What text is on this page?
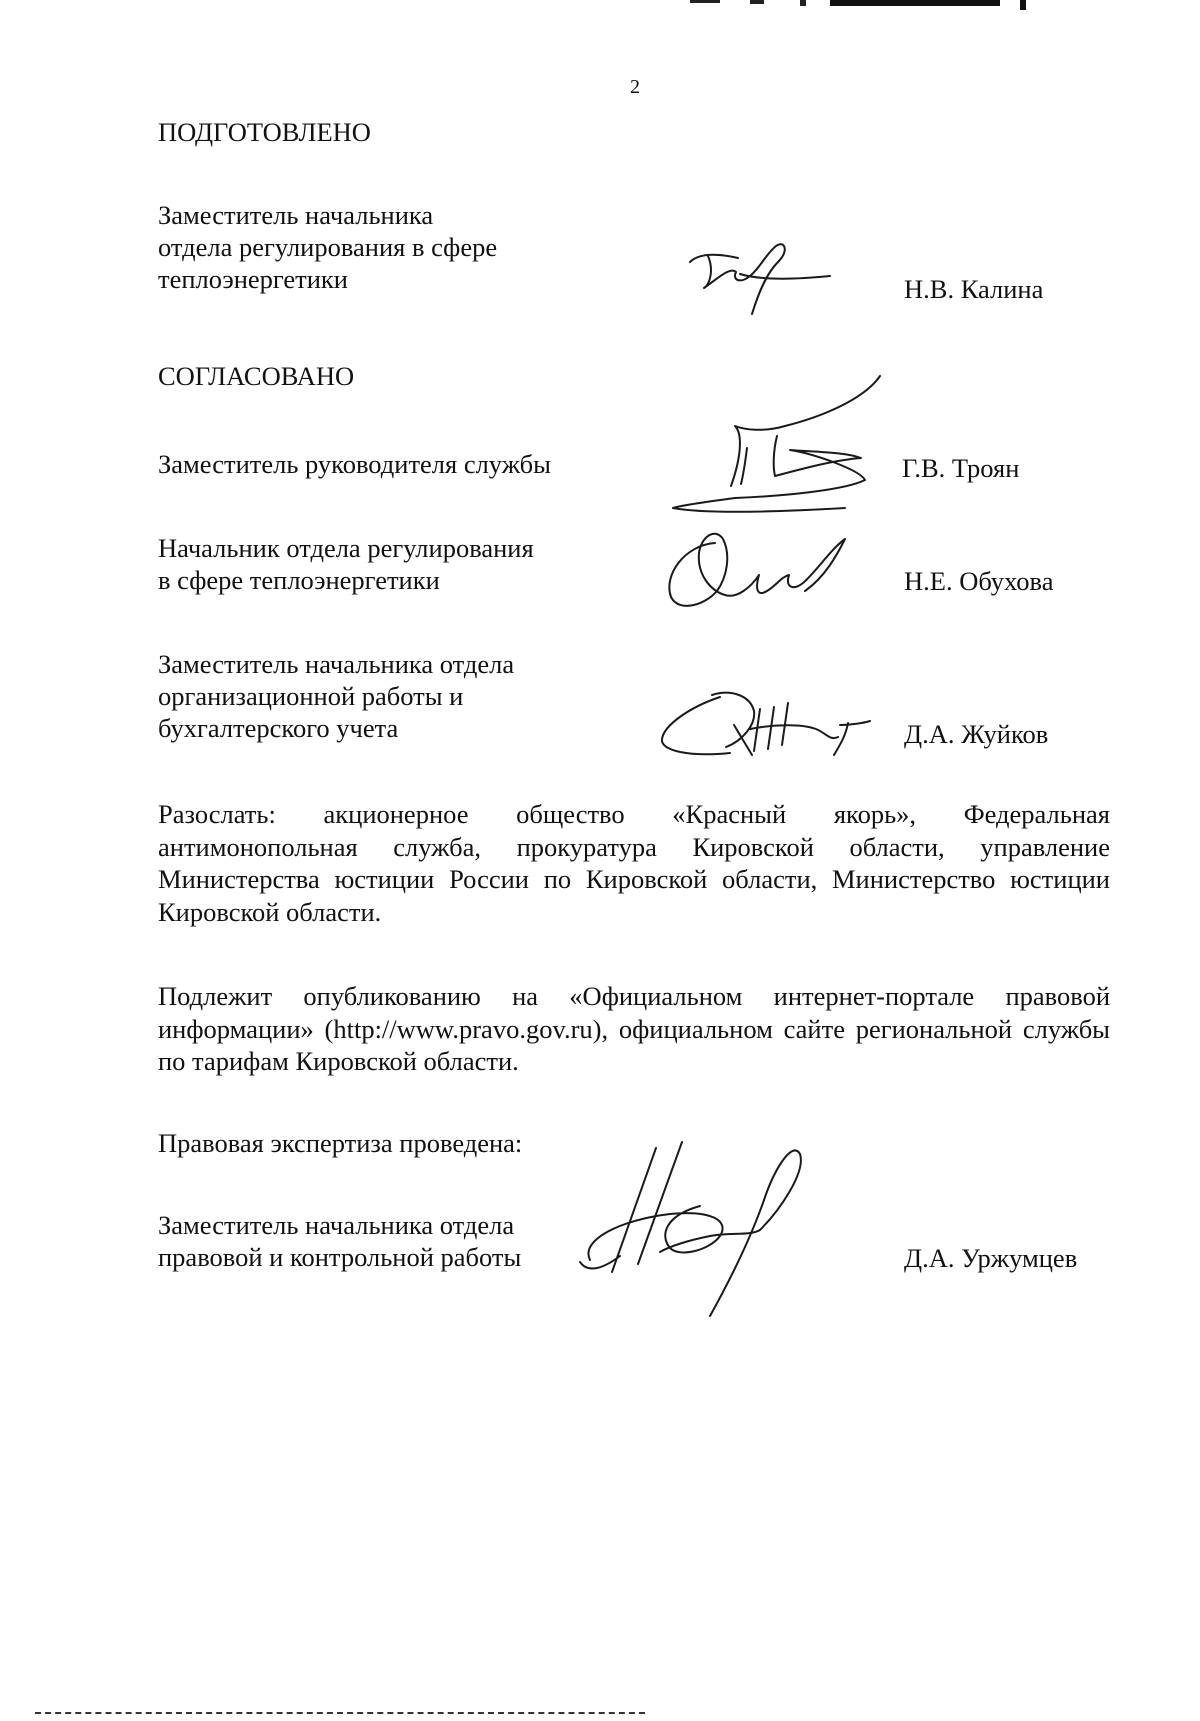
2
ПОДГОТОВЛЕНО
Заместитель начальника
отдела регулирования в сфере
теплоэнергетики	Н.В. Калина
СОГЛАСОВАНО
Заместитель руководителя службы	Г.В. Троян
Начальник отдела регулирования
в сфере теплоэнергетики	Н.Е. Обухова
Заместитель начальника отдела
организационной работы и
бухгалтерского учета	Д.А. Жуйков
Разослать: акционерное общество «Красный якорь», Федеральная антимонопольная служба, прокуратура Кировской области, управление Министерства юстиции России по Кировской области, Министерство юстиции Кировской области.
Подлежит опубликованию на «Официальном интернет-портале правовой информации» (http://www.pravo.gov.ru), официальном сайте региональной службы по тарифам Кировской области.
Правовая экспертиза проведена:
Заместитель начальника отдела
правовой и контрольной работы	Д.А. Уржумцев
